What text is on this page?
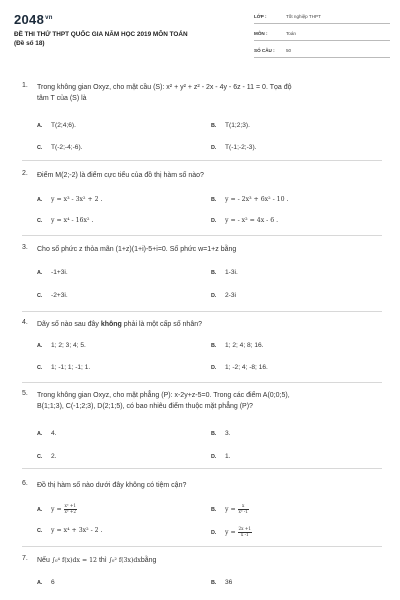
$2048^{vn}$
ĐỀ THI THỬ THPT QUỐC GIA NĂM HỌC 2019 MÔN TOÁN
(Đề số 18)
LỚP :	Tốt nghiệp THPT
MÔN :	Toán
SỐ CÂU : 50
1. Trong không gian Oxyz, cho mặt cầu (S): x² + y² + z² - 2x - 4y - 6z - 11 = 0. Tọa độ
tâm T của (S) là
A. T(2;4;6).	B. T(1;2;3).
C. T(-2;-4;-6).	D. T(-1;-2;-3).
2. Điểm M(2;-2) là điểm cực tiểu của đồ thị hàm số nào?
A. y = x³ - 3x² + 2 .	B. y = - 2x³ + 6x² - 10 .
C. y = x⁴ - 16x² .	D. y = - x² = 4x - 6 .
3. Cho số phức z thỏa mãn (1+z)(1+i)-5+i=0. Số phức w=1+z bằng
A. -1+3i.	B. 1-3i.
C. -2+3i.	D. 2-3i
4. Dãy số nào sau đây không phải là một cấp số nhân?
A. 1; 2; 3; 4; 5.	B. 1; 2; 4; 8; 16.
C. 1; -1; 1; -1; 1.	D. 1; -2; 4; -8; 16.
5. Trong không gian Oxyz, cho mặt phẳng (P): x-2y+z-5=0. Trong các điểm A(0;0;5),
B(1;1;3), C(-1;2;3), D(2;1;5), có bao nhiêu điểm thuộc mặt phẳng (P)?
A. 4.	B. 3.
C. 2.	D. 1.
6. Đồ thị hàm số nào dưới đây không có tiệm cận?
A. $y = \frac{\text{x² +1}}{\text{x² +2}}$	B. $y = \frac{x}{\text{x² -1}}$
C. y = x⁴ + 3x² - 2 .	D. $y = \frac{2x +1}{x -1}$
7. Nếu ∫₀⁴ f(x)dx = 12 thì ∫₀² f(3x)dxbằng
A. 6	B. 36
